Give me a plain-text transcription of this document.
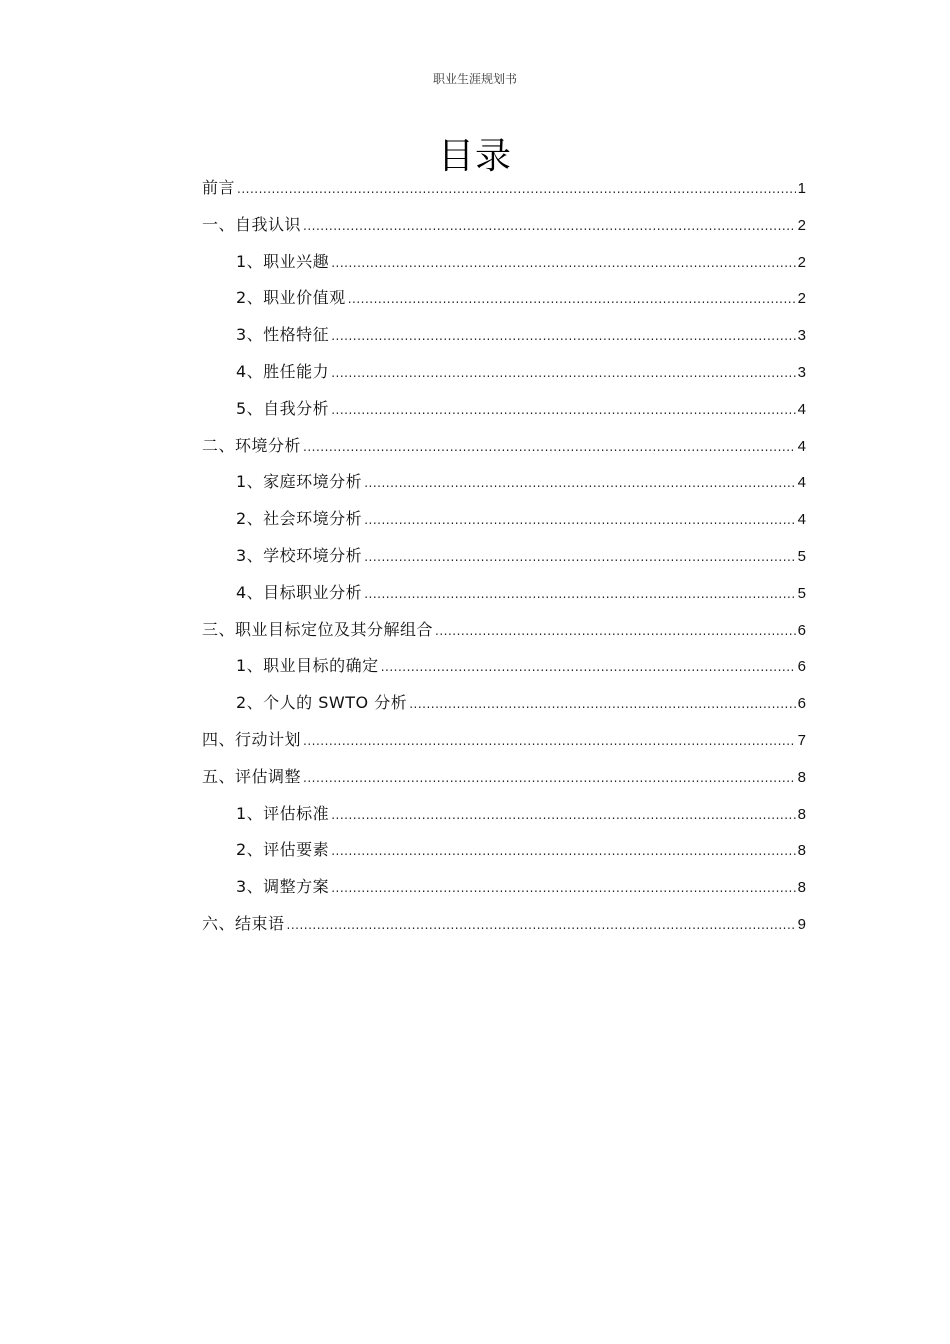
职业生涯规划书
目录
前言 .....	1
一、自我认识 .....	2
1、职业兴趣 .....	2
2、职业价值观 .....	2
3、性格特征 .....	3
4、胜任能力 .....	3
5、自我分析 .....	4
二、环境分析 .....	4
1、家庭环境分析 .....	4
2、社会环境分析 .....	4
3、学校环境分析 .....	5
4、目标职业分析 .....	5
三、职业目标定位及其分解组合 .....	6
1、职业目标的确定 .....	6
2、个人的 SWTO 分析 .....	6
四、行动计划 .....	7
五、评估调整 .....	8
1、评估标准 .....	8
2、评估要素 .....	8
3、调整方案 .....	8
六、结束语 .....	9
